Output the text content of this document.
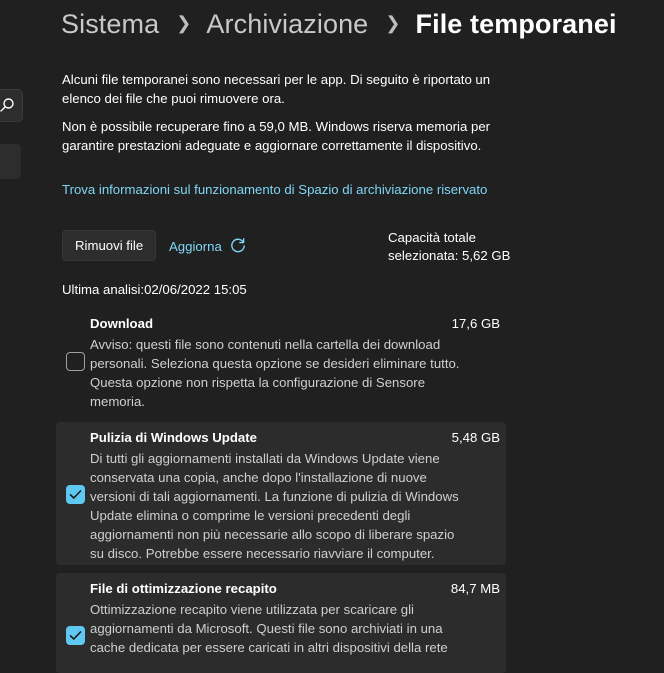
Sistema ❯ Archiviazione ❯ File temporanei
Alcuni file temporanei sono necessari per le app. Di seguito è riportato un elenco dei file che puoi rimuovere ora.
Non è possibile recuperare fino a 59,0 MB. Windows riserva memoria per garantire prestazioni adeguate e aggiornare correttamente il dispositivo.
Trova informazioni sul funzionamento di Spazio di archiviazione riservato
Rimuovi file	Aggiorna
Capacità totale
selezionata: 5,62 GB
Ultima analisi:02/06/2022 15:05
Download	17,6 GB
Avviso: questi file sono contenuti nella cartella dei download personali. Seleziona questa opzione se desideri eliminare tutto. Questa opzione non rispetta la configurazione di Sensore memoria.
Pulizia di Windows Update	5,48 GB
Di tutti gli aggiornamenti installati da Windows Update viene conservata una copia, anche dopo l'installazione di nuove versioni di tali aggiornamenti. La funzione di pulizia di Windows Update elimina o comprime le versioni precedenti degli aggiornamenti non più necessarie allo scopo di liberare spazio su disco. Potrebbe essere necessario riavviare il computer.
File di ottimizzazione recapito	84,7 MB
Ottimizzazione recapito viene utilizzata per scaricare gli aggiornamenti da Microsoft. Questi file sono archiviati in una cache dedicata per essere caricati in altri dispositivi della rete
